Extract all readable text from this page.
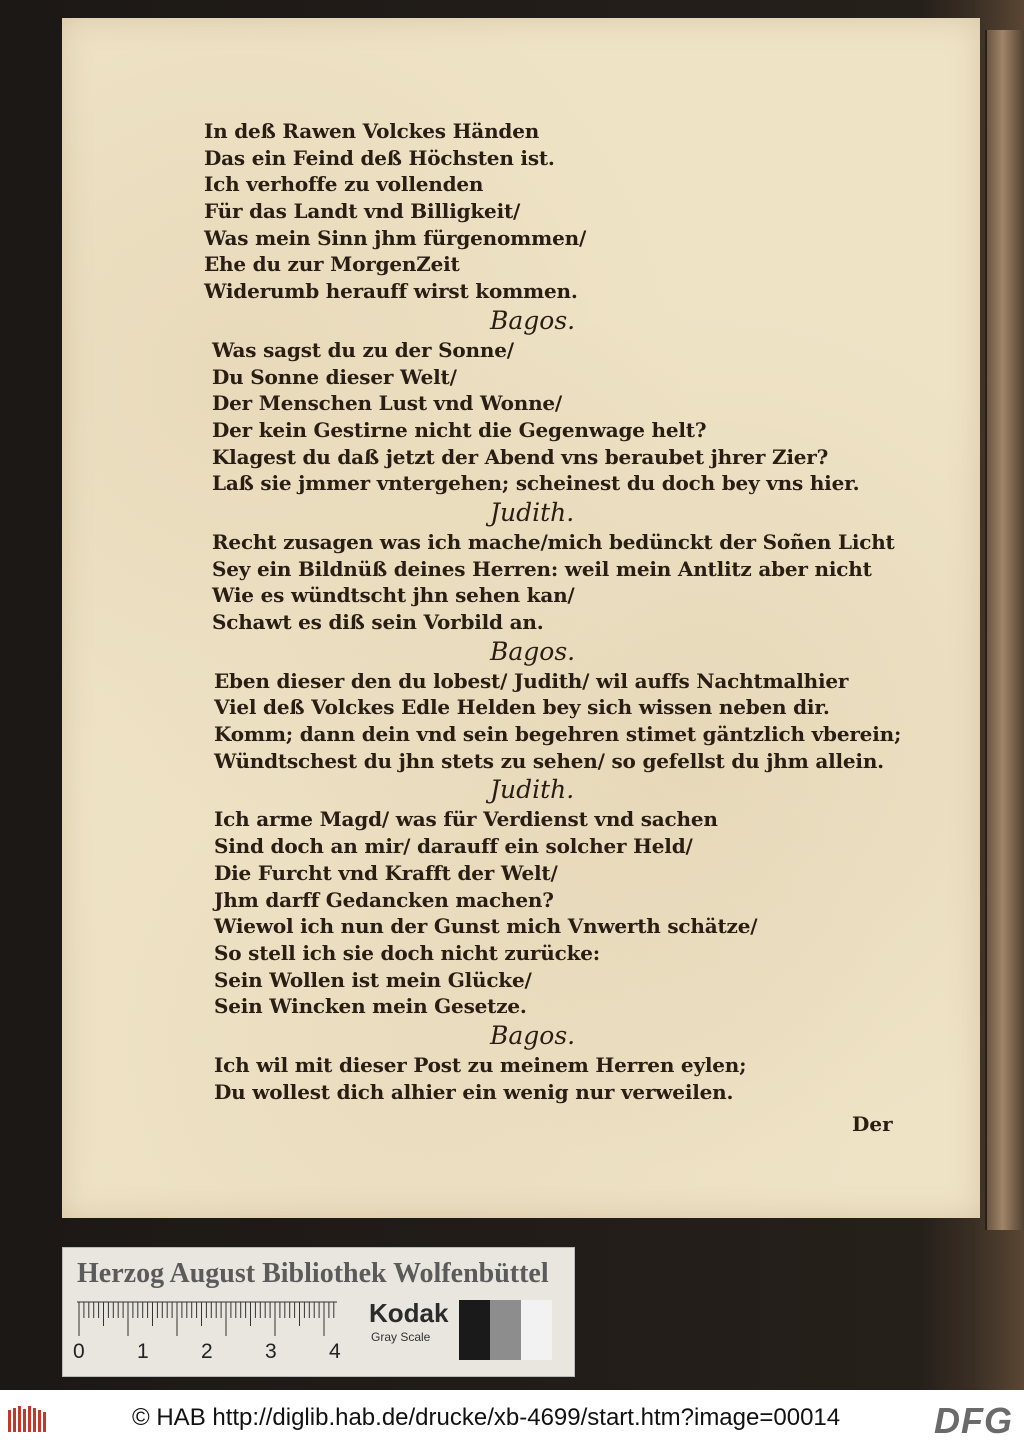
In deß Rawen Volckes Händen
Das ein Feind deß Höchsten ist.
Ich verhoffe zu vollenden
Für das Landt vnd Billigkeit/
Was mein Sinn jhm fürgenommen/
Ehe du zur MorgenZeit
Widerumb herauff wirst kommen.
Bagos.
Was sagst du zu der Sonne/
Du Sonne dieser Welt/
Der Menschen Lust vnd Wonne/
Der kein Gestirne nicht die Gegenwage helt?
Klagest du daß jetzt der Abend vns beraubet jhrer Zier?
Laß sie jmmer vntergehen; scheinest du doch bey vns hier.
Judith.
Recht zusagen was ich mache/mich bedünckt der Soñen Licht
Sey ein Bildnüß deines Herren: weil mein Antlitz aber nicht
Wie es wündtscht jhn sehen kan/
Schawt es diß sein Vorbild an.
Bagos.
Eben dieser den du lobest/ Judith/ wil auffs Nachtmalhier
Viel deß Volckes Edle Helden bey sich wissen neben dir.
Komm; dann dein vnd sein begehren stimet gäntzlich vberein;
Wündtschest du jhn stets zu sehen/ so gefellst du jhm allein.
Judith.
Ich arme Magd/ was für Verdienst vnd sachen
Sind doch an mir/ darauff ein solcher Held/
Die Furcht vnd Krafft der Welt/
Jhm darff Gedancken machen?
Wiewol ich nun der Gunst mich Vnwerth schätze/
So stell ich sie doch nicht zurücke:
Sein Wollen ist mein Glücke/
Sein Wincken mein Gesetze.
Bagos.
Ich wil mit dieser Post zu meinem Herren eylen;
Du wollest dich alhier ein wenig nur verweilen.
Der
Herzog August Bibliothek Wolfenbüttel
0 1 2 3 4
Kodak
Gray Scale
© HAB http://diglib.hab.de/drucke/xb-4699/start.htm?image=00014	DFG
